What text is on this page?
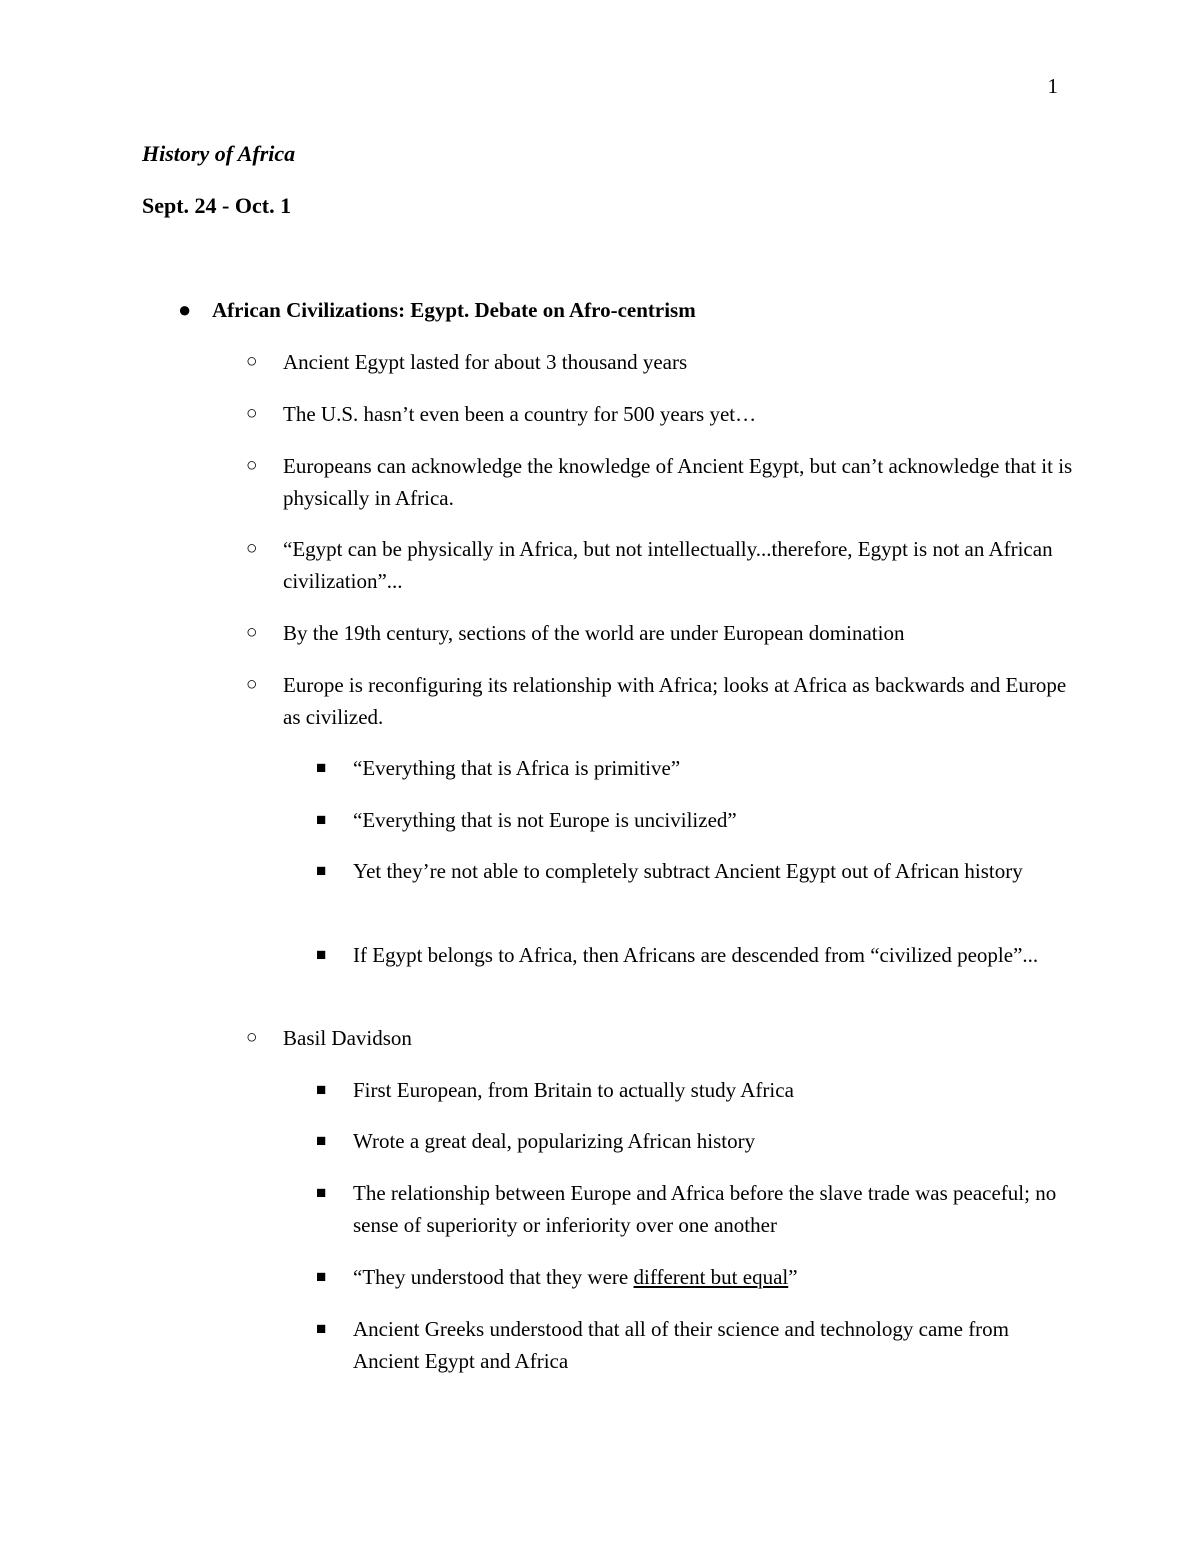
1
History of Africa
Sept. 24 - Oct. 1
● African Civilizations: Egypt. Debate on Afro-centrism
○ Ancient Egypt lasted for about 3 thousand years
○ The U.S. hasn’t even been a country for 500 years yet…
○ Europeans can acknowledge the knowledge of Ancient Egypt, but can’t acknowledge that it is physically in Africa.
○ “Egypt can be physically in Africa, but not intellectually...therefore, Egypt is not an African civilization”...
○ By the 19th century, sections of the world are under European domination
○ Europe is reconfiguring its relationship with Africa; looks at Africa as backwards and Europe as civilized.
■ “Everything that is Africa is primitive”
■ “Everything that is not Europe is uncivilized”
■ Yet they’re not able to completely subtract Ancient Egypt out of African history
■ If Egypt belongs to Africa, then Africans are descended from “civilized people”...
○ Basil Davidson
■ First European, from Britain to actually study Africa
■ Wrote a great deal, popularizing African history
■ The relationship between Europe and Africa before the slave trade was peaceful; no sense of superiority or inferiority over one another
■ “They understood that they were different but equal”
■ Ancient Greeks understood that all of their science and technology came from Ancient Egypt and Africa
